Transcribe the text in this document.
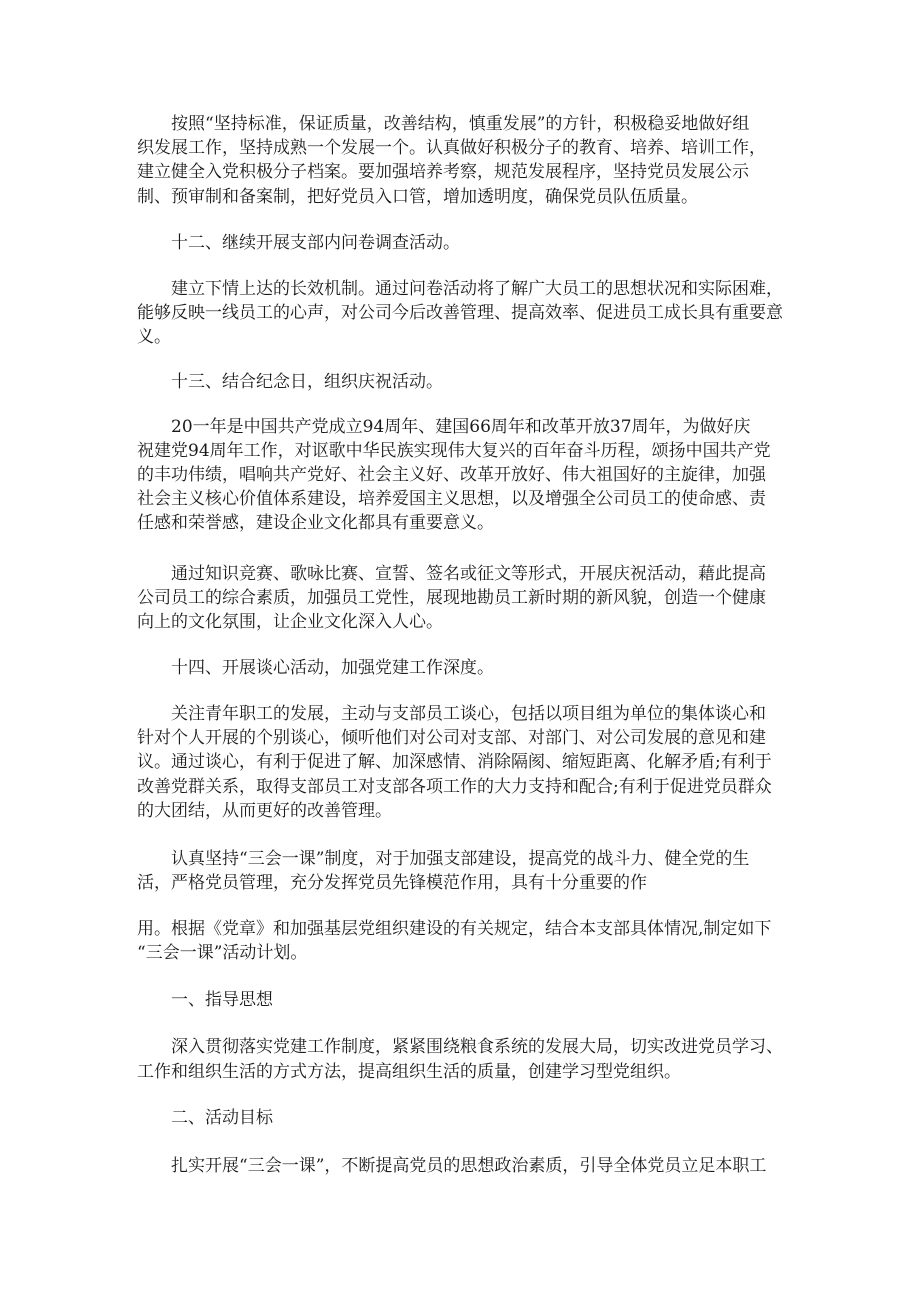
　　按照“坚持标准，保证质量，改善结构，慎重发展”的方针，积极稳妥地做好组
织发展工作，坚持成熟一个发展一个。认真做好积极分子的教育、培养、培训工作，
建立健全入党积极分子档案。要加强培养考察，规范发展程序，坚持党员发展公示
制、预审制和备案制，把好党员入口管，增加透明度，确保党员队伍质量。
　　十二、继续开展支部内问卷调查活动。
　　建立下情上达的长效机制。通过问卷活动将了解广大员工的思想状况和实际困难，
能够反映一线员工的心声，对公司今后改善管理、提高效率、促进员工成长具有重要意
义。
　　十三、结合纪念日，组织庆祝活动。
　　20一年是中国共产党成立94周年、建国66周年和改革开放37周年，为做好庆
祝建党94周年工作，对讴歌中华民族实现伟大复兴的百年奋斗历程，颂扬中国共产党
的丰功伟绩，唱响共产党好、社会主义好、改革开放好、伟大祖国好的主旋律，加强
社会主义核心价值体系建设，培养爱国主义思想，以及增强全公司员工的使命感、责
任感和荣誉感，建设企业文化都具有重要意义。
　　通过知识竞赛、歌咏比赛、宣誓、签名或征文等形式，开展庆祝活动，藉此提高
公司员工的综合素质，加强员工党性，展现地勘员工新时期的新风貌，创造一个健康
向上的文化氛围，让企业文化深入人心。
　　十四、开展谈心活动，加强党建工作深度。
　　关注青年职工的发展，主动与支部员工谈心，包括以项目组为单位的集体谈心和
针对个人开展的个别谈心，倾听他们对公司对支部、对部门、对公司发展的意见和建
议。通过谈心，有利于促进了解、加深感情、消除隔阂、缩短距离、化解矛盾;有利于
改善党群关系，取得支部员工对支部各项工作的大力支持和配合;有利于促进党员群众
的大团结，从而更好的改善管理。
　　认真坚持“三会一课”制度，对于加强支部建设，提高党的战斗力、健全党的生
活，严格党员管理，充分发挥党员先锋模范作用，具有十分重要的作
用。根据《党章》和加强基层党组织建设的有关规定，结合本支部具体情况,制定如下
“三会一课”活动计划。
　　一、指导思想
　　深入贯彻落实党建工作制度，紧紧围绕粮食系统的发展大局，切实改进党员学习、
工作和组织生活的方式方法，提高组织生活的质量，创建学习型党组织。
　　二、活动目标
　　扎实开展“三会一课”，不断提高党员的思想政治素质，引导全体党员立足本职工
